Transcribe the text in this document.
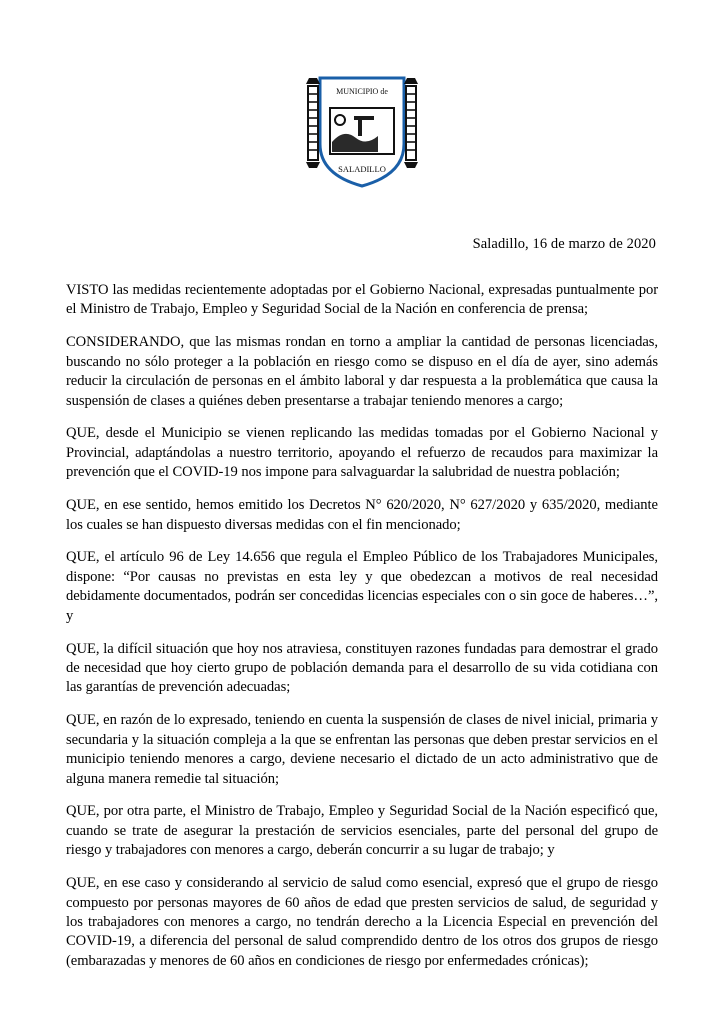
MUNICIPIO de
SALADILLO
Saladillo, 16 de marzo de 2020

VISTO las medidas recientemente adoptadas por el Gobierno Nacional, expresadas puntualmente por el Ministro de Trabajo, Empleo y Seguridad Social de la Nación en conferencia de prensa;

CONSIDERANDO, que las mismas rondan en torno a ampliar la cantidad de personas licenciadas, buscando no sólo proteger a la población en riesgo como se dispuso en el día de ayer, sino además reducir la circulación de personas en el ámbito laboral y dar respuesta a la problemática que causa la suspensión de clases a quiénes deben presentarse a trabajar teniendo menores a cargo;

QUE, desde el Municipio se vienen replicando las medidas tomadas por el Gobierno Nacional y Provincial, adaptándolas a nuestro territorio, apoyando el refuerzo de recaudos para maximizar la prevención que el COVID-19 nos impone para salvaguardar la salubridad de nuestra población;

QUE, en ese sentido, hemos emitido los Decretos N° 620/2020, N° 627/2020 y 635/2020, mediante los cuales se han dispuesto diversas medidas con el fin mencionado;

QUE, el artículo 96 de Ley 14.656 que regula el Empleo Público de los Trabajadores Municipales, dispone: “Por causas no previstas en esta ley y que obedezcan a motivos de real necesidad debidamente documentados, podrán ser concedidas licencias especiales con o sin goce de haberes…”, y

QUE, la difícil situación que hoy nos atraviesa, constituyen razones fundadas para demostrar el grado de necesidad que hoy cierto grupo de población demanda para el desarrollo de su vida cotidiana con las garantías de prevención adecuadas;

QUE, en razón de lo expresado, teniendo en cuenta la suspensión de clases de nivel inicial, primaria y secundaria y la situación compleja a la que se enfrentan las personas que deben prestar servicios en el municipio teniendo menores a cargo, deviene necesario el dictado de un acto administrativo que de alguna manera remedie tal situación;

QUE, por otra parte, el Ministro de Trabajo, Empleo y Seguridad Social de la Nación especificó que, cuando se trate de asegurar la prestación de servicios esenciales, parte del personal del grupo de riesgo y trabajadores con menores a cargo, deberán concurrir a su lugar de trabajo; y

QUE, en ese caso y considerando al servicio de salud como esencial, expresó que el grupo de riesgo compuesto por personas mayores de 60 años de edad que presten servicios de salud, de seguridad y los trabajadores con menores a cargo, no tendrán derecho a la Licencia Especial en prevención del COVID-19, a diferencia del personal de salud comprendido dentro de los otros dos grupos de riesgo (embarazadas y menores de 60 años en condiciones de riesgo por enfermedades crónicas);
